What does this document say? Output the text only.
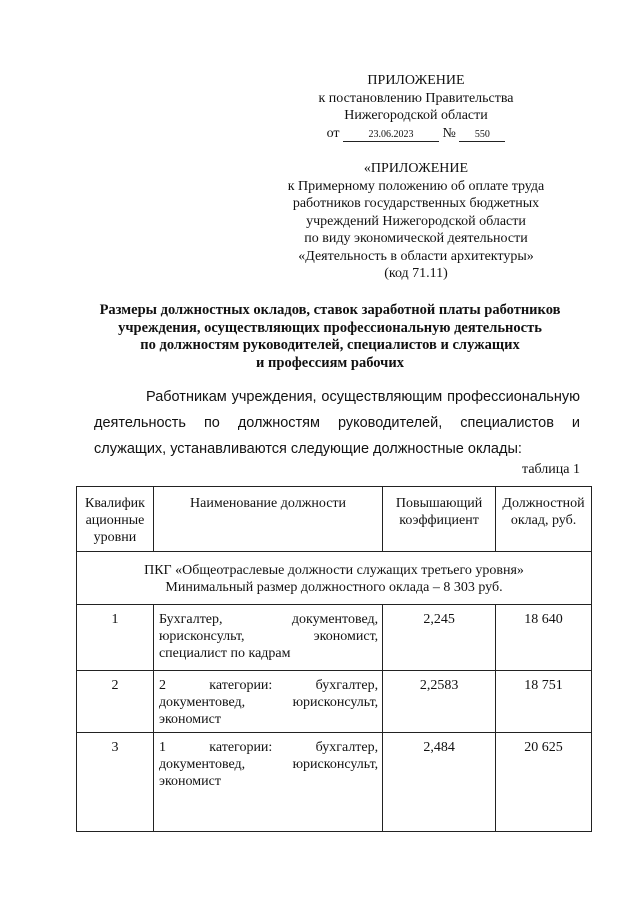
ПРИЛОЖЕНИЕ
к постановлению Правительства
Нижегородской области
от	23.06.2023 № 550
«ПРИЛОЖЕНИЕ
к Примерному положению об оплате труда
работников государственных бюджетных
учреждений Нижегородской области
по виду экономической деятельности
«Деятельность в области архитектуры»
(код 71.11)
Размеры должностных окладов, ставок заработной платы работников
учреждения, осуществляющих профессиональную деятельность
по должностям руководителей, специалистов и служащих
и профессиям рабочих

Работникам учреждения, осуществляющим профессиональную деятельность по должностям руководителей, специалистов и служащих, устанавливаются следующие должностные оклады:

таблица 1
Квалифик ационные уровни	Наименование должности	Повышающий коэффициент	Должностной оклад, руб.

ПКГ «Общеотраслевые должности служащих третьего уровня»
Минимальный размер должностного оклада – 8 303 руб.			

1	Бухгалтер, документовед, юрисконсульт, экономист, специалист по кадрам	2,245	18 640
2	2 категории: бухгалтер, документовед, юрисконсульт, экономист	2,2583	18 751
3	1 категории: бухгалтер, документовед, юрисконсульт, экономист	2,484	20 625
